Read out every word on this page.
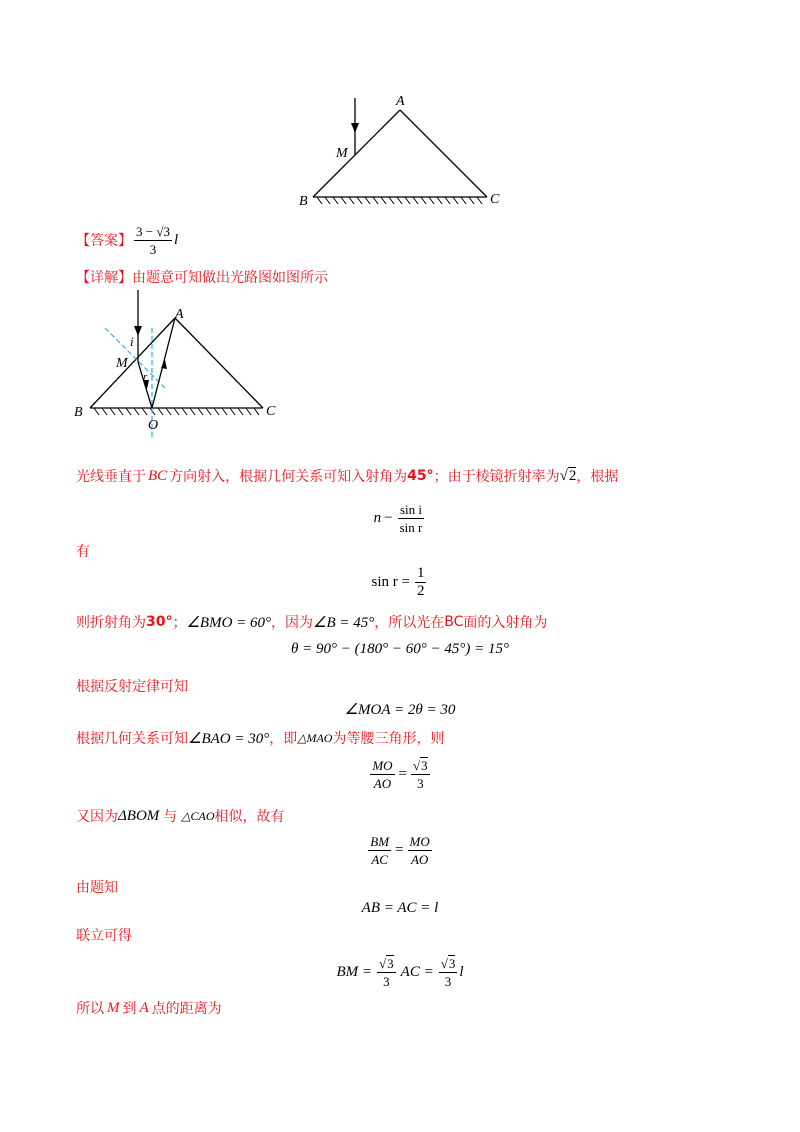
A
M
B	C
【答案】 $\frac{3 - √3}{3}$ l
【详解】由题意可知做出光路图如图所示
A
M
B	C
O
i
r
光线垂直于 BC 方向射入，根据几何关系可知入射角为 45° ；由于棱镜折射率为 √2 ，根据
$n - \frac{\text{sin i}}{\text{sin r}}$
有
$\sin r = \frac{1}{2}$
则折射角为 30° ； ∠BMO = 60° ，因为 ∠B = 45° ，所以光在 BC 面的入射角为
θ = 90° − (180° − 60° − 45°) = 15°
根据反射定律可知
∠MOA = 2θ = 30
根据几何关系可知 ∠BAO = 30° ，即 △MAO 为等腰三角形，则
$\frac{MO}{AO} = \frac{√3}{3}$
又因为 ΔBOM 与 △CAO 相似，故有
$\frac{BM}{AC} = \frac{MO}{AO}$
由题知
AB = AC = l
联立可得
BM = $\frac{√3}{3}$ AC = $\frac{√3}{3}$ l
所以 M 到 A 点的距离为
